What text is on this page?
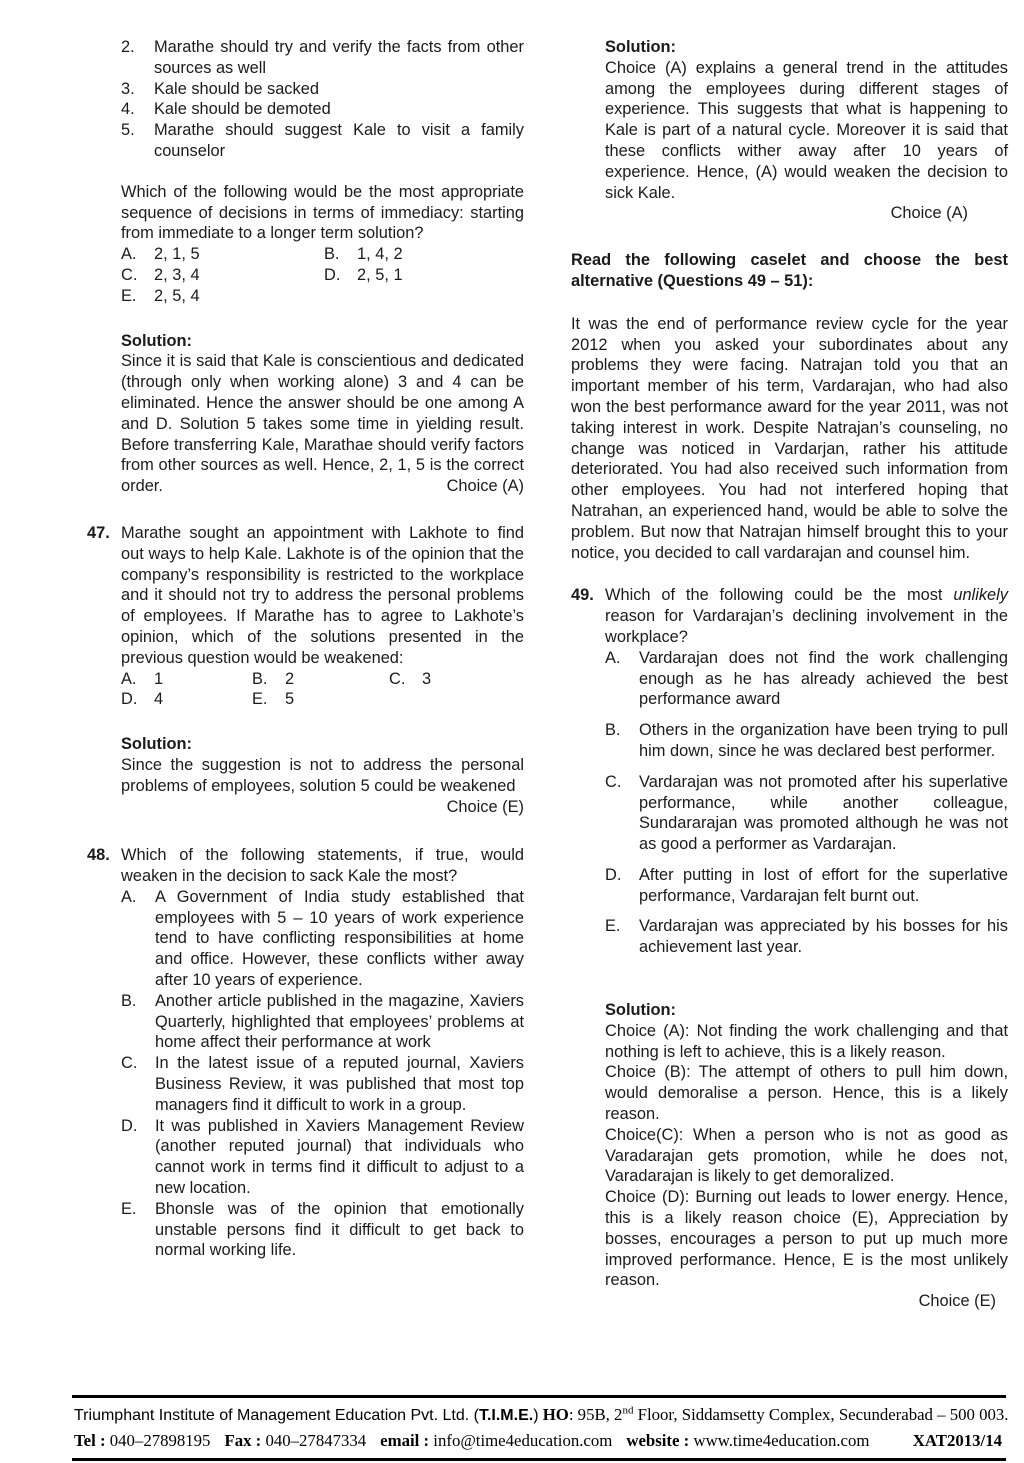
2.	Marathe should try and verify the facts from other sources as well
3.	Kale should be sacked
4.	Kale should be demoted
5.	Marathe should suggest Kale to visit a family counselor

Which of the following would be the most appropriate sequence of decisions in terms of immediacy: starting from immediate to a longer term solution?

A.	2, 1, 5	B.	1, 4, 2
C.	2, 3, 4	D.	2, 5, 1
E.	2, 5, 4
Solution:

Since it is said that Kale is conscientious and dedicated (through only when working alone) 3 and 4 can be eliminated. Hence the answer should be one among A and D. Solution 5 takes some time in yielding result. Before transferring Kale, Marathae should verify factors from other sources as well. Hence, 2, 1, 5 is the correct order.	Choice (A)

47. Marathe sought an appointment with Lakhote to find out ways to help Kale. Lakhote is of the opinion that the company’s responsibility is restricted to the workplace and it should not try to address the personal problems of employees. If Marathe has to agree to Lakhote’s opinion, which of the solutions presented in the previous question would be weakened:

A.	1	B.	2	C.	3
D.	4	E.	5
Solution:

Since the suggestion is not to address the personal problems of employees, solution 5 could be weakened
Choice (E)

48. Which of the following statements, if true, would weaken in the decision to sack Kale the most?

A.	A Government of India study established that employees with 5 – 10 years of work experience tend to have conflicting responsibilities at home and office. However, these conflicts wither away after 10 years of experience.
B.	Another article published in the magazine, Xaviers Quarterly, highlighted that employees’ problems at home affect their performance at work
C.	In the latest issue of a reputed journal, Xaviers Business Review, it was published that most top managers find it difficult to work in a group.
D.	It was published in Xaviers Management Review (another reputed journal) that individuals who cannot work in terms find it difficult to adjust to a new location.
E.	Bhonsle was of the opinion that emotionally unstable persons find it difficult to get back to normal working life.
Solution:

Choice (A) explains a general trend in the attitudes among the employees during different stages of experience. This suggests that what is happening to Kale is part of a natural cycle. Moreover it is said that these conflicts wither away after 10 years of experience. Hence, (A) would weaken the decision to sick Kale.

Choice (A)
Read the following caselet and choose the best alternative (Questions 49 – 51):

It was the end of performance review cycle for the year 2012 when you asked your subordinates about any problems they were facing. Natrajan told you that an important member of his term, Vardarajan, who had also won the best performance award for the year 2011, was not taking interest in work. Despite Natrajan’s counseling, no change was noticed in Vardarjan, rather his attitude deteriorated. You had also received such information from other employees. You had not interfered hoping that Natrahan, an experienced hand, would be able to solve the problem. But now that Natrajan himself brought this to your notice, you decided to call vardarajan and counsel him.

49. Which of the following could be the most unlikely reason for Vardarajan’s declining involvement in the workplace?

A.	Vardarajan does not find the work challenging enough as he has already achieved the best performance award
B.	Others in the organization have been trying to pull him down, since he was declared best performer.
C.	Vardarajan was not promoted after his superlative performance, while another colleague, Sundararajan was promoted although he was not as good a performer as Vardarajan.
D.	After putting in lost of effort for the superlative performance, Vardarajan felt burnt out.
E.	Vardarajan was appreciated by his bosses for his achievement last year.
Solution:

Choice (A): Not finding the work challenging and that nothing is left to achieve, this is a likely reason.

Choice (B): The attempt of others to pull him down, would demoralise a person. Hence, this is a likely reason.

Choice(C): When a person who is not as good as Varadarajan gets promotion, while he does not, Varadarajan is likely to get demoralized.

Choice (D): Burning out leads to lower energy. Hence, this is a likely reason choice (E), Appreciation by bosses, encourages a person to put up much more improved performance. Hence, E is the most unlikely reason.

Choice (E)
Triumphant Institute of Management Education Pvt. Ltd. (T.I.M.E.) HO: 95B, 2nd Floor, Siddamsetty Complex, Secunderabad – 500 003.
Tel : 040–27898195 Fax : 040–27847334 email : info@time4education.com website : www.time4education.com	XAT2013/14
